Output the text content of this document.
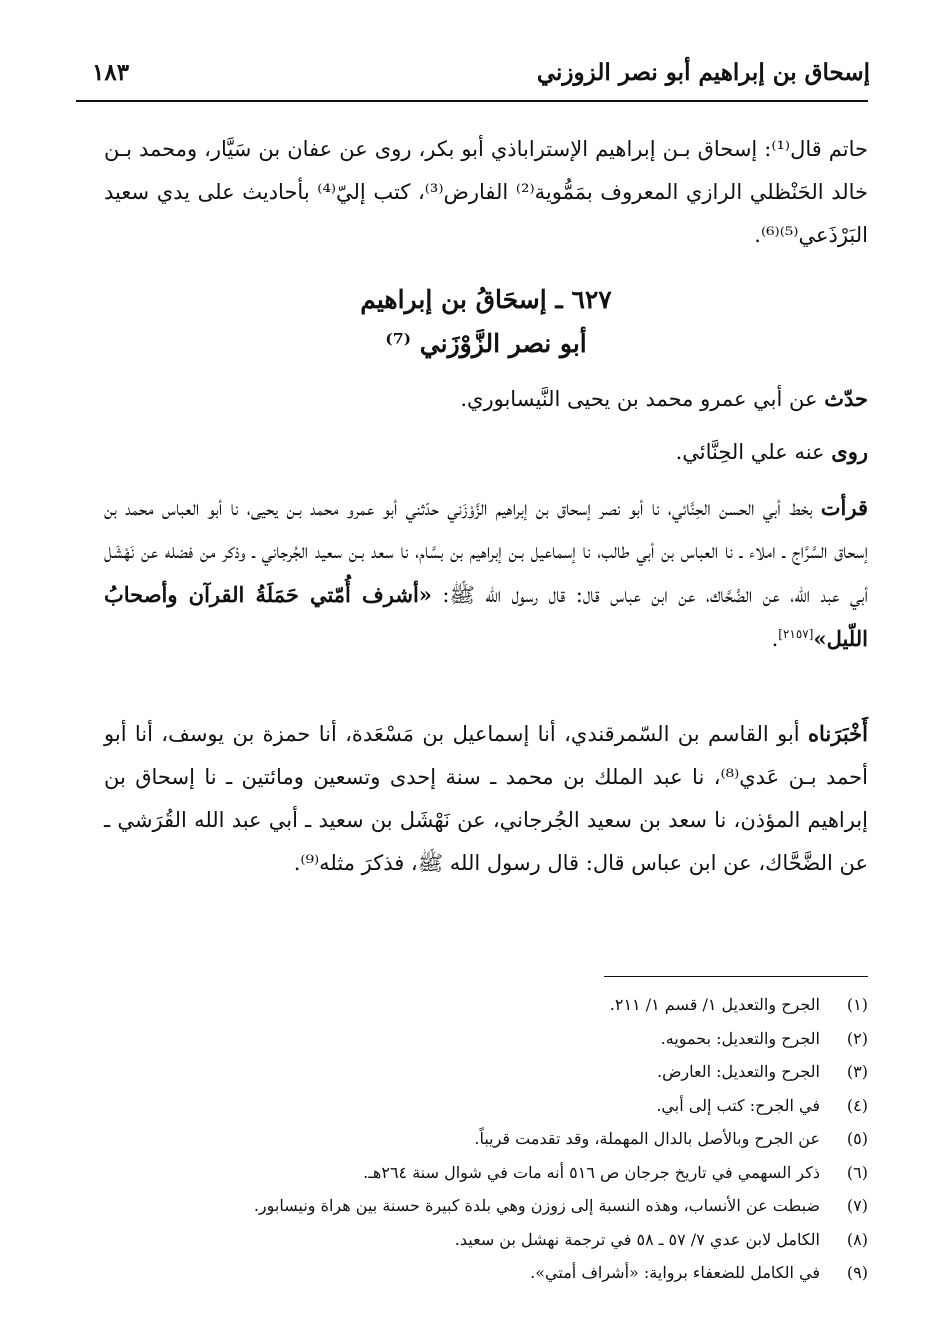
إسحاق بن إبراهيم أبو نصر الزوزني
١٨٣
حاتم قال⁽¹⁾: إسحاق بـن إبراهيم الإستراباذي أبو بكر، روى عن عفان بن سَيَّار، ومحمد بـن خالد الحَنْظلي الرازي المعروف بمَمُّوية⁽²⁾ الفارض⁽³⁾، كتب إليّ⁽⁴⁾ بأحاديث على يدي سعيد البَرْذَعي⁽⁵⁾⁽⁶⁾.
٦٢٧ ـ إسحَاقُ بن إبراهيم
أبو نصر الزَّوْزَني ⁽⁷⁾
حدّث عن أبي عمرو محمد بن يحيى النَّيسابوري.
روى عنه علي الحِنَّائي.
قرأت بخط أبي الحسن الحِنَّائي، نا أبو نصر إسحاق بن إبراهيم الزَّوْزَني حدّثني أبو عمرو محمد بـن يحيى، نا أبو العباس محمد بن إسحاق السَّرَّاج ـ املاء ـ نا العباس بن أبي طالب، نا إسماعيل بـن إبراهيم بن بسَّام، نا سعد بـن سعيد الجُرجاني ـ وذكر من فضله عن نَهْشَل أبي عبد الله، عن الضَّحَّاك، عن ابن عباس قال: قال رسول الله ﷺ: «أشرف أُمّتي حَمَلَةُ القرآن وأصحابُ اللّيل»[٢١٥٧].
أَخْبَرَناه أبو القاسم بن السّمرقندي، أنا إسماعيل بن مَسْعَدة، أنا حمزة بن يوسف، أنا أبو أحمد بـن عَدي⁽⁸⁾، نا عبد الملك بن محمد ـ سنة إحدى وتسعين ومائتين ـ نا إسحاق بن إبراهيم المؤذن، نا سعد بن سعيد الجُرجاني، عن نَهْشَل بن سعيد ـ أبي عبد الله القُرَشي ـ عن الضَّحَّاك، عن ابن عباس قال: قال رسول الله ﷺ، فذكرَ مثله⁽⁹⁾.
(١)
الجرح والتعديل ١/ قسم ١/ ٢١١.
(٢)
الجرح والتعديل: بحمويه.
(٣)
الجرح والتعديل: العارض.
(٤)
في الجرح: كتب إلى أبي.
(٥)
عن الجرح وبالأصل بالدال المهملة، وقد تقدمت قريباً.
(٦)
ذكر السهمي في تاريخ جرجان ص ٥١٦ أنه مات في شوال سنة ٢٦٤هـ.
(٧)
ضبطت عن الأنساب، وهذه النسبة إلى زوزن وهي بلدة كبيرة حسنة بين هراة ونيسابور.
(٨)
الكامل لابن عدي ٧/ ٥٧ ـ ٥٨ في ترجمة نهشل بن سعيد.
(٩)
في الكامل للضعفاء برواية: «أشراف أمتي».
